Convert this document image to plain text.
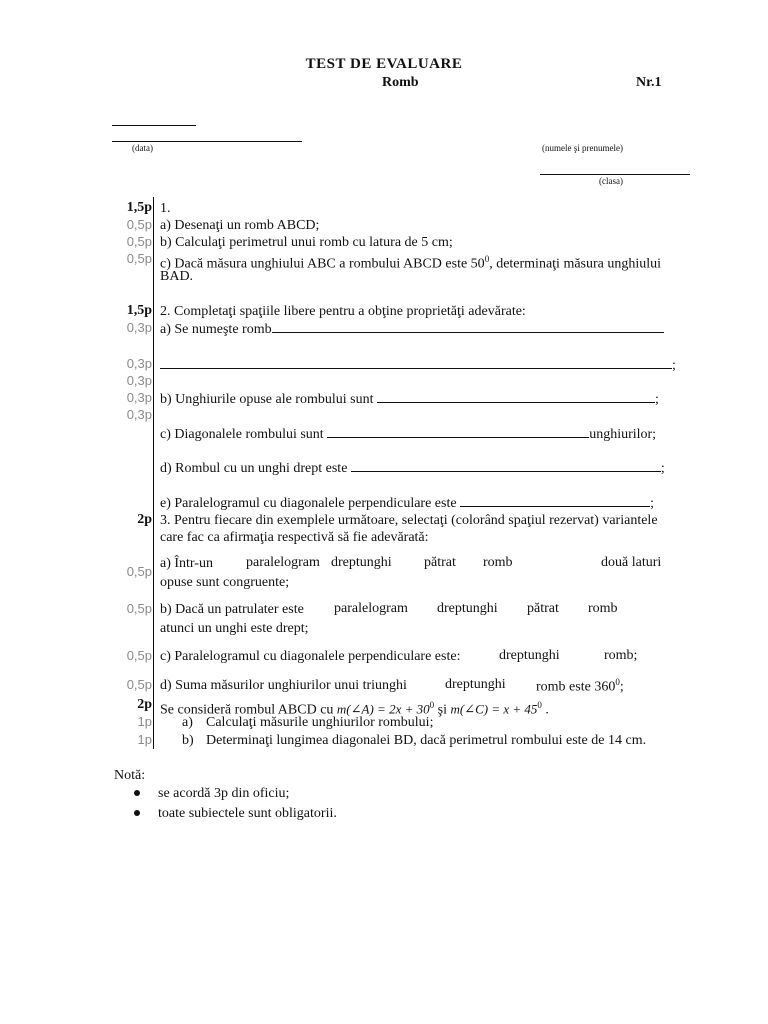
TEST DE EVALUARE
Romb	Nr.1
(data)	(numele şi prenumele)
(clasa)
1,5p 1.
0,5p a) Desenaţi un romb ABCD;
0,5p b) Calculaţi perimetrul unui romb cu latura de 5 cm;
0,5p c) Dacă măsura unghiului ABC a rombului ABCD este $50^0$, determinaţi măsura unghiului
BAD.
1,5p 2. Completaţi spaţiile libere pentru a obţine proprietăţi adevărate:
0,3p a) Se numeşte romb
0,3p	;
0,3p
0,3p b) Unghiurile opuse ale rombului sunt	;
0,3p
c) Diagonalele rombului sunt	unghiurilor;
d) Rombul cu un unghi drept este	;
e) Paralelogramul cu diagonalele perpendiculare este	;
2p 3. Pentru fiecare din exemplele următoare, selectaţi (colorând spaţiul rezervat) variantele
care fac ca afirmaţia respectivă să fie adevărată:
0,5p
a) Într-un paralelogram dreptunghi pătrat romb	două laturi
opuse sunt congruente;
0,5p b) Dacă un patrulater este paralelogram dreptunghi pătrat romb
atunci un unghi este drept;
0,5p c) Paralelogramul cu diagonalele perpendiculare este:	dreptunghi	romb;
0,5p d) Suma măsurilor unghiurilor unui triunghi	dreptunghi romb este $360^0$;
2p Se consideră rombul ABCD cu m(∠A) = $2x + 30^0$ şi m(∠C) = $x + 45^0$ .
1p a) Calculaţi măsurile unghiurilor rombului;
1p b) Determinaţi lungimea diagonalei BD, dacă perimetrul rombului este de 14 cm.
Notă:
se acordă 3p din oficiu;
toate subiectele sunt obligatorii.
